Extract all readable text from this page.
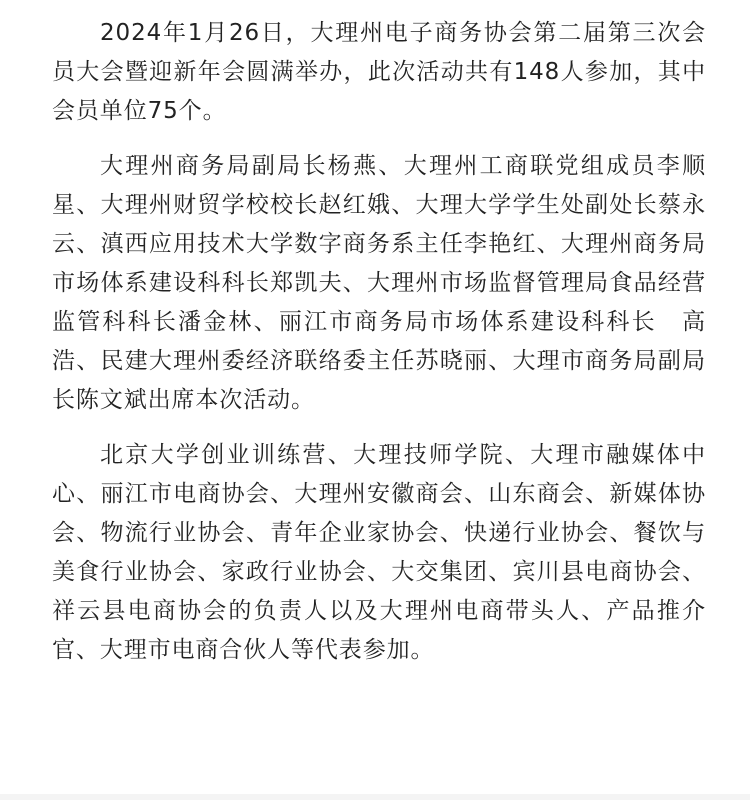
2024年1月26日，大理州电子商务协会第二届第三次会员大会暨迎新年会圆满举办，此次活动共有148人参加，其中会员单位75个。

大理州商务局副局长杨燕、大理州工商联党组成员李顺星、大理州财贸学校校长赵红娥、大理大学学生处副处长蔡永云、滇西应用技术大学数字商务系主任李艳红、大理州商务局市场体系建设科科长郑凯夫、大理州市场监督管理局食品经营监管科科长潘金林、丽江市商务局市场体系建设科科长　高浩、民建大理州委经济联络委主任苏晓丽、大理市商务局副局长陈文斌出席本次活动。

北京大学创业训练营、大理技师学院、大理市融媒体中心、丽江市电商协会、大理州安徽商会、山东商会、新媒体协会、物流行业协会、青年企业家协会、快递行业协会、餐饮与美食行业协会、家政行业协会、大交集团、宾川县电商协会、祥云县电商协会的负责人以及大理州电商带头人、产品推介官、大理市电商合伙人等代表参加。
